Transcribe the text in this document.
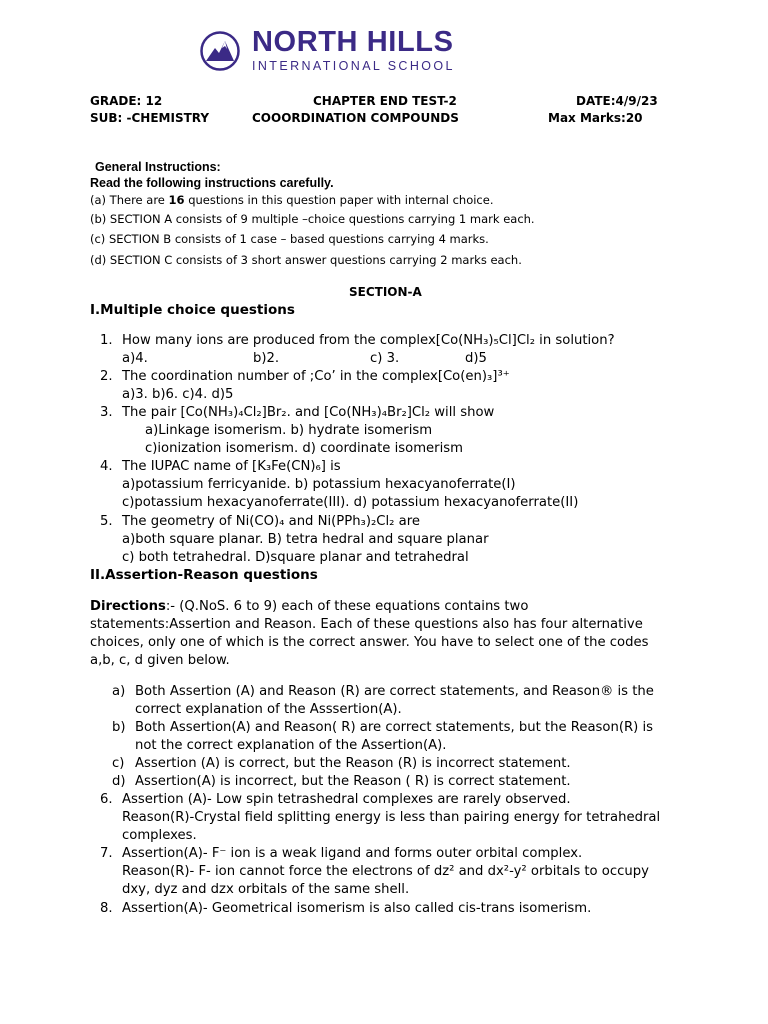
NORTH HILLS
INTERNATIONAL SCHOOL
GRADE: 12	CHAPTER END TEST-2	DATE:4/9/23
SUB: -CHEMISTRY	COOORDINATION COMPOUNDS	Max Marks:20
General Instructions:
Read the following instructions carefully.
(a) There are 16 questions in this question paper with internal choice.
(b) SECTION A consists of 9 multiple –choice questions carrying 1 mark each.
(c) SECTION B consists of 1 case – based questions carrying 4 marks.
(d) SECTION C consists of 3 short answer questions carrying 2 marks each.
SECTION-A
I.Multiple choice questions
1. How many ions are produced from the complex[Co(NH₃)₅Cl]Cl₂ in solution?
a)4.	b)2.	c) 3.	d)5
2. The coordination number of ;Co’ in the complex[Co(en)₃]³⁺
a)3. b)6. c)4. d)5
3. The pair [Co(NH₃)₄Cl₂]Br₂. and [Co(NH₃)₄Br₂]Cl₂ will show
a)Linkage isomerism. b) hydrate isomerism
c)ionization isomerism. d) coordinate isomerism
4. The IUPAC name of [K₃Fe(CN)₆] is
a)potassium ferricyanide. b) potassium hexacyanoferrate(I)
c)potassium hexacyanoferrate(III). d) potassium hexacyanoferrate(II)
5. The geometry of Ni(CO)₄ and Ni(PPh₃)₂Cl₂ are
a)both square planar. B) tetra hedral and square planar
c) both tetrahedral. D)square planar and tetrahedral
II.Assertion-Reason questions
Directions:- (Q.NoS. 6 to 9) each of these equations contains two
statements:Assertion and Reason. Each of these questions also has four alternative
choices, only one of which is the correct answer. You have to select one of the codes
a,b, c, d given below.
a) Both Assertion (A) and Reason (R) are correct statements, and Reason® is the
correct explanation of the Asssertion(A).
b) Both Assertion(A) and Reason( R) are correct statements, but the Reason(R) is
not the correct explanation of the Assertion(A).
c) Assertion (A) is correct, but the Reason (R) is incorrect statement.
d) Assertion(A) is incorrect, but the Reason ( R) is correct statement.
6. Assertion (A)- Low spin tetrashedral complexes are rarely observed.
Reason(R)-Crystal field splitting energy is less than pairing energy for tetrahedral
complexes.
7. Assertion(A)- F⁻ ion is a weak ligand and forms outer orbital complex.
Reason(R)- F- ion cannot force the electrons of dz² and dx²-y² orbitals to occupy
dxy, dyz and dzx orbitals of the same shell.
8. Assertion(A)- Geometrical isomerism is also called cis-trans isomerism.
